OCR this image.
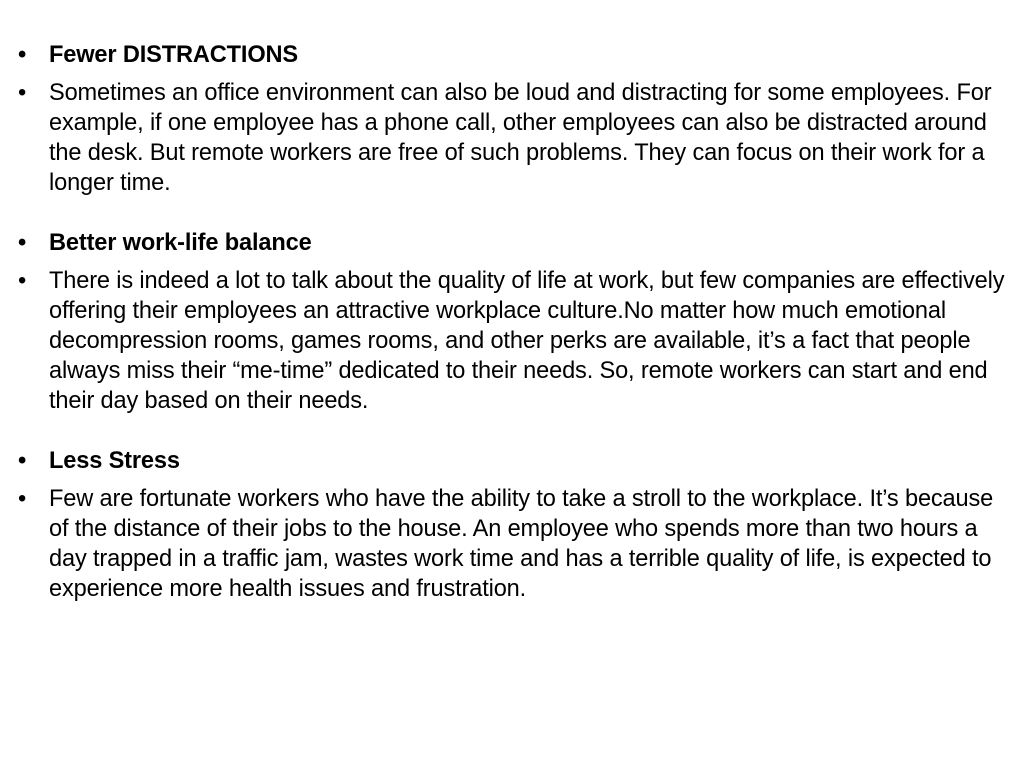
• Fewer DISTRACTIONS
• Sometimes an office environment can also be loud and distracting for some employees. For example, if one employee has a phone call, other employees can also be distracted around the desk. But remote workers are free of such problems. They can focus on their work for a longer time.
• Better work-life balance
• There is indeed a lot to talk about the quality of life at work, but few companies are effectively offering their employees an attractive workplace culture.No matter how much emotional decompression rooms, games rooms, and other perks are available, it’s a fact that people always miss their “me-time” dedicated to their needs. So, remote workers can start and end their day based on their needs.
• Less Stress
• Few are fortunate workers who have the ability to take a stroll to the workplace. It’s because of the distance of their jobs to the house. An employee who spends more than two hours a day trapped in a traffic jam, wastes work time and has a terrible quality of life, is expected to experience more health issues and frustration.
